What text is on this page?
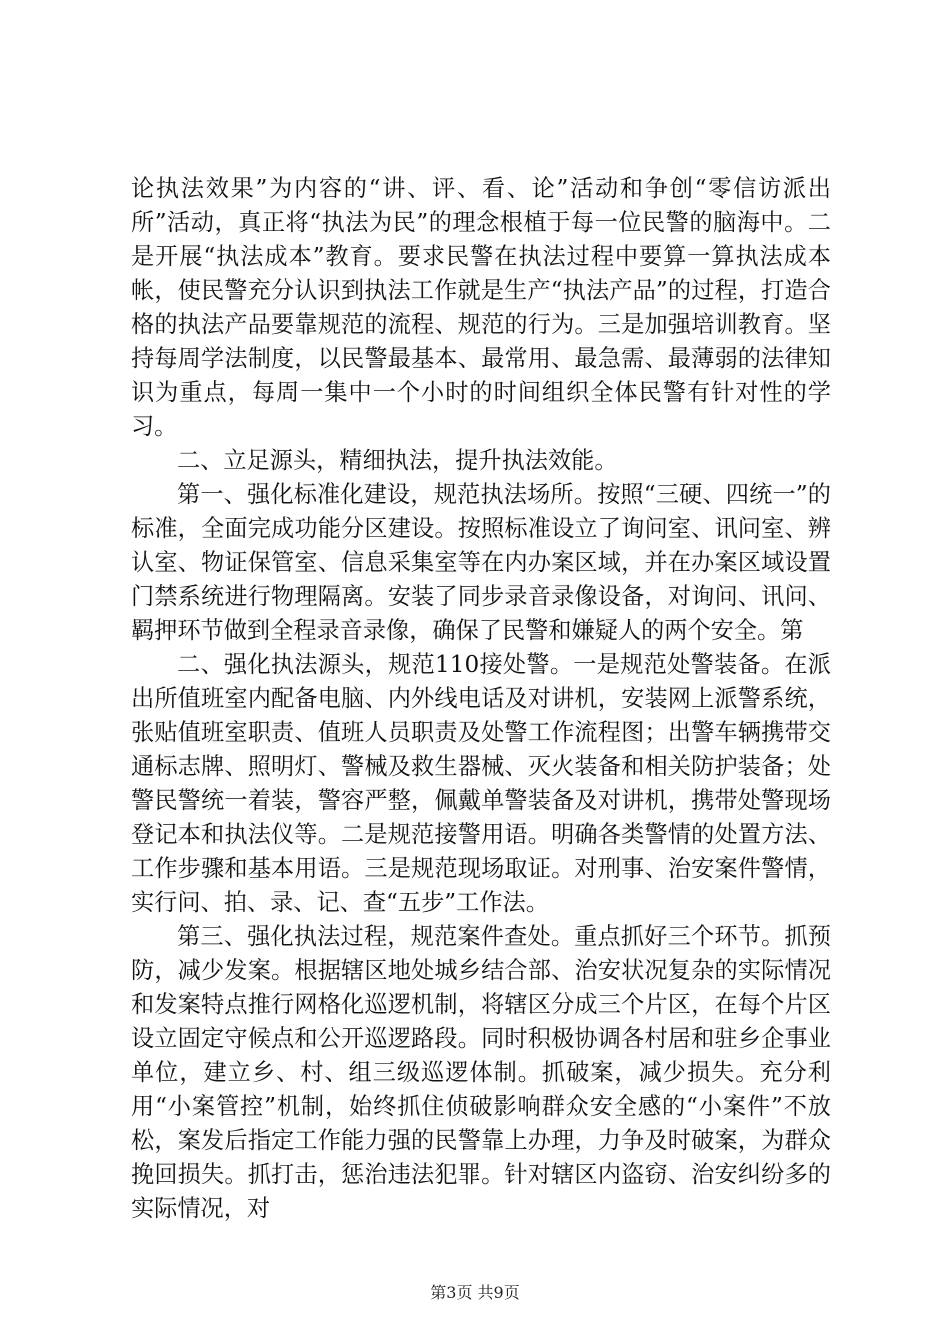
论执法效果”为内容的“讲、评、看、论”活动和争创“零信访派出所”活动，真正将“执法为民”的理念根植于每一位民警的脑海中。二是开展“执法成本”教育。要求民警在执法过程中要算一算执法成本帐，使民警充分认识到执法工作就是生产“执法产品”的过程，打造合格的执法产品要靠规范的流程、规范的行为。三是加强培训教育。坚持每周学法制度，以民警最基本、最常用、最急需、最薄弱的法律知识为重点，每周一集中一个小时的时间组织全体民警有针对性的学习。

二、立足源头，精细执法，提升执法效能。

第一、强化标准化建设，规范执法场所。按照“三硬、四统一”的标准，全面完成功能分区建设。按照标准设立了询问室、讯问室、辨认室、物证保管室、信息采集室等在内办案区域，并在办案区域设置门禁系统进行物理隔离。安装了同步录音录像设备，对询问、讯问、羁押环节做到全程录音录像，确保了民警和嫌疑人的两个安全。第

二、强化执法源头，规范110接处警。一是规范处警装备。在派出所值班室内配备电脑、内外线电话及对讲机，安装网上派警系统，张贴值班室职责、值班人员职责及处警工作流程图；出警车辆携带交通标志牌、照明灯、警械及救生器械、灭火装备和相关防护装备；处警民警统一着装，警容严整，佩戴单警装备及对讲机，携带处警现场登记本和执法仪等。二是规范接警用语。明确各类警情的处置方法、工作步骤和基本用语。三是规范现场取证。对刑事、治安案件警情，实行问、拍、录、记、查“五步”工作法。

第三、强化执法过程，规范案件查处。重点抓好三个环节。抓预防，减少发案。根据辖区地处城乡结合部、治安状况复杂的实际情况和发案特点推行网格化巡逻机制，将辖区分成三个片区，在每个片区设立固定守候点和公开巡逻路段。同时积极协调各村居和驻乡企事业单位，建立乡、村、组三级巡逻体制。抓破案，减少损失。充分利用“小案管控”机制，始终抓住侦破影响群众安全感的“小案件”不放松，案发后指定工作能力强的民警靠上办理，力争及时破案，为群众挽回损失。抓打击，惩治违法犯罪。针对辖区内盗窃、治安纠纷多的实际情况，对

第3页 共9页
